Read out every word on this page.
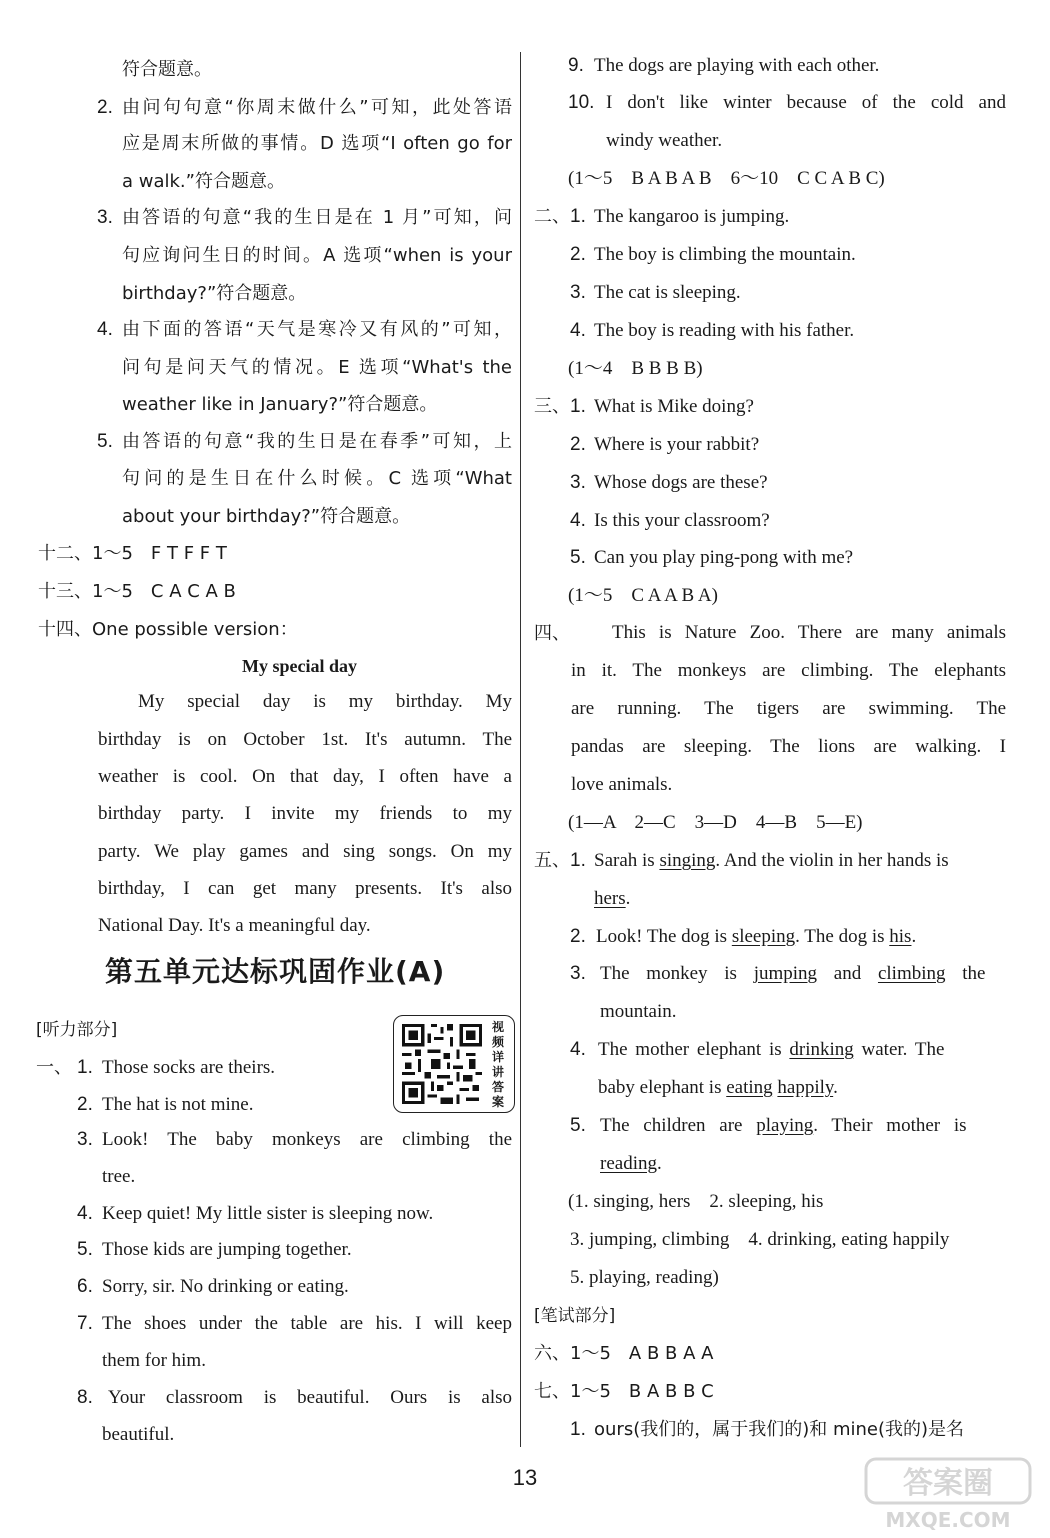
符合题意。
2. 由问句句意“你周末做什么”可知，此处答语
应是周末所做的事情。D 选项“I often go for
a walk.”符合题意。
3. 由答语的句意“我的生日是在 1 月”可知，问
句应询问生日的时间。A 选项“when is your
birthday?”符合题意。
4. 由下面的答语“天气是寒冷又有风的”可知，
问句是问天气的情况。E 选项“What's the
weather like in January?”符合题意。
5. 由答语的句意“我的生日是在春季”可知，上
句问的是生日在什么时候。C 选项“What
about your birthday?”符合题意。
十二、1～5　F T F F T
十三、1～5　C A C A B
十四、One possible version：
My special day
My special day is my birthday. My
birthday is on October 1st. It's autumn. The
weather is cool. On that day, I often have a
birthday party. I invite my friends to my
party. We play games and sing songs. On my
birthday, I can get many presents. It's also
National Day. It's a meaningful day.
第五单元达标巩固作业(A)
[听力部分]	视频详讲答案
一、 1. Those socks are theirs.
2. The hat is not mine.
3. Look! The baby monkeys are climbing the
tree.
4. Keep quiet! My little sister is sleeping now.
5. Those kids are jumping together.
6. Sorry, sir. No drinking or eating.
7. The shoes under the table are his. I will keep
them for him.
8. Your classroom is beautiful. Ours is also
beautiful.
9. The dogs are playing with each other.
10. I don't like winter because of the cold and
windy weather.
(1～5　B A B A B　6～10　C C A B C)
二、 1. The kangaroo is jumping.
2. The boy is climbing the mountain.
3. The cat is sleeping.
4. The boy is reading with his father.
(1～4　B B B B)
三、 1. What is Mike doing?
2. Where is your rabbit?
3. Whose dogs are these?
4. Is this your classroom?
5. Can you play ping-pong with me?
(1～5　C A A B A)
四、 This is Nature Zoo. There are many animals
in it. The monkeys are climbing. The elephants
are running. The tigers are swimming. The
pandas are sleeping. The lions are walking. I
love animals.
(1—A　2—C　3—D　4—B　5—E)
五、 1. Sarah is singing. And the violin in her hands is
hers.
2. Look! The dog is sleeping. The dog is his.
3. The monkey is jumping and climbing the
mountain.
4. The mother elephant is drinking water. The
baby elephant is eating happily.
5. The children are playing. Their mother is
reading.
(1. singing, hers　2. sleeping, his
3. jumping, climbing　4. drinking, eating happily
5. playing, reading)
[笔试部分]
六、1～5　A B B A A
七、1～5　B A B B C
1. ours(我们的，属于我们的)和 mine(我的)是名
13	答案圈
MXQE.COM
